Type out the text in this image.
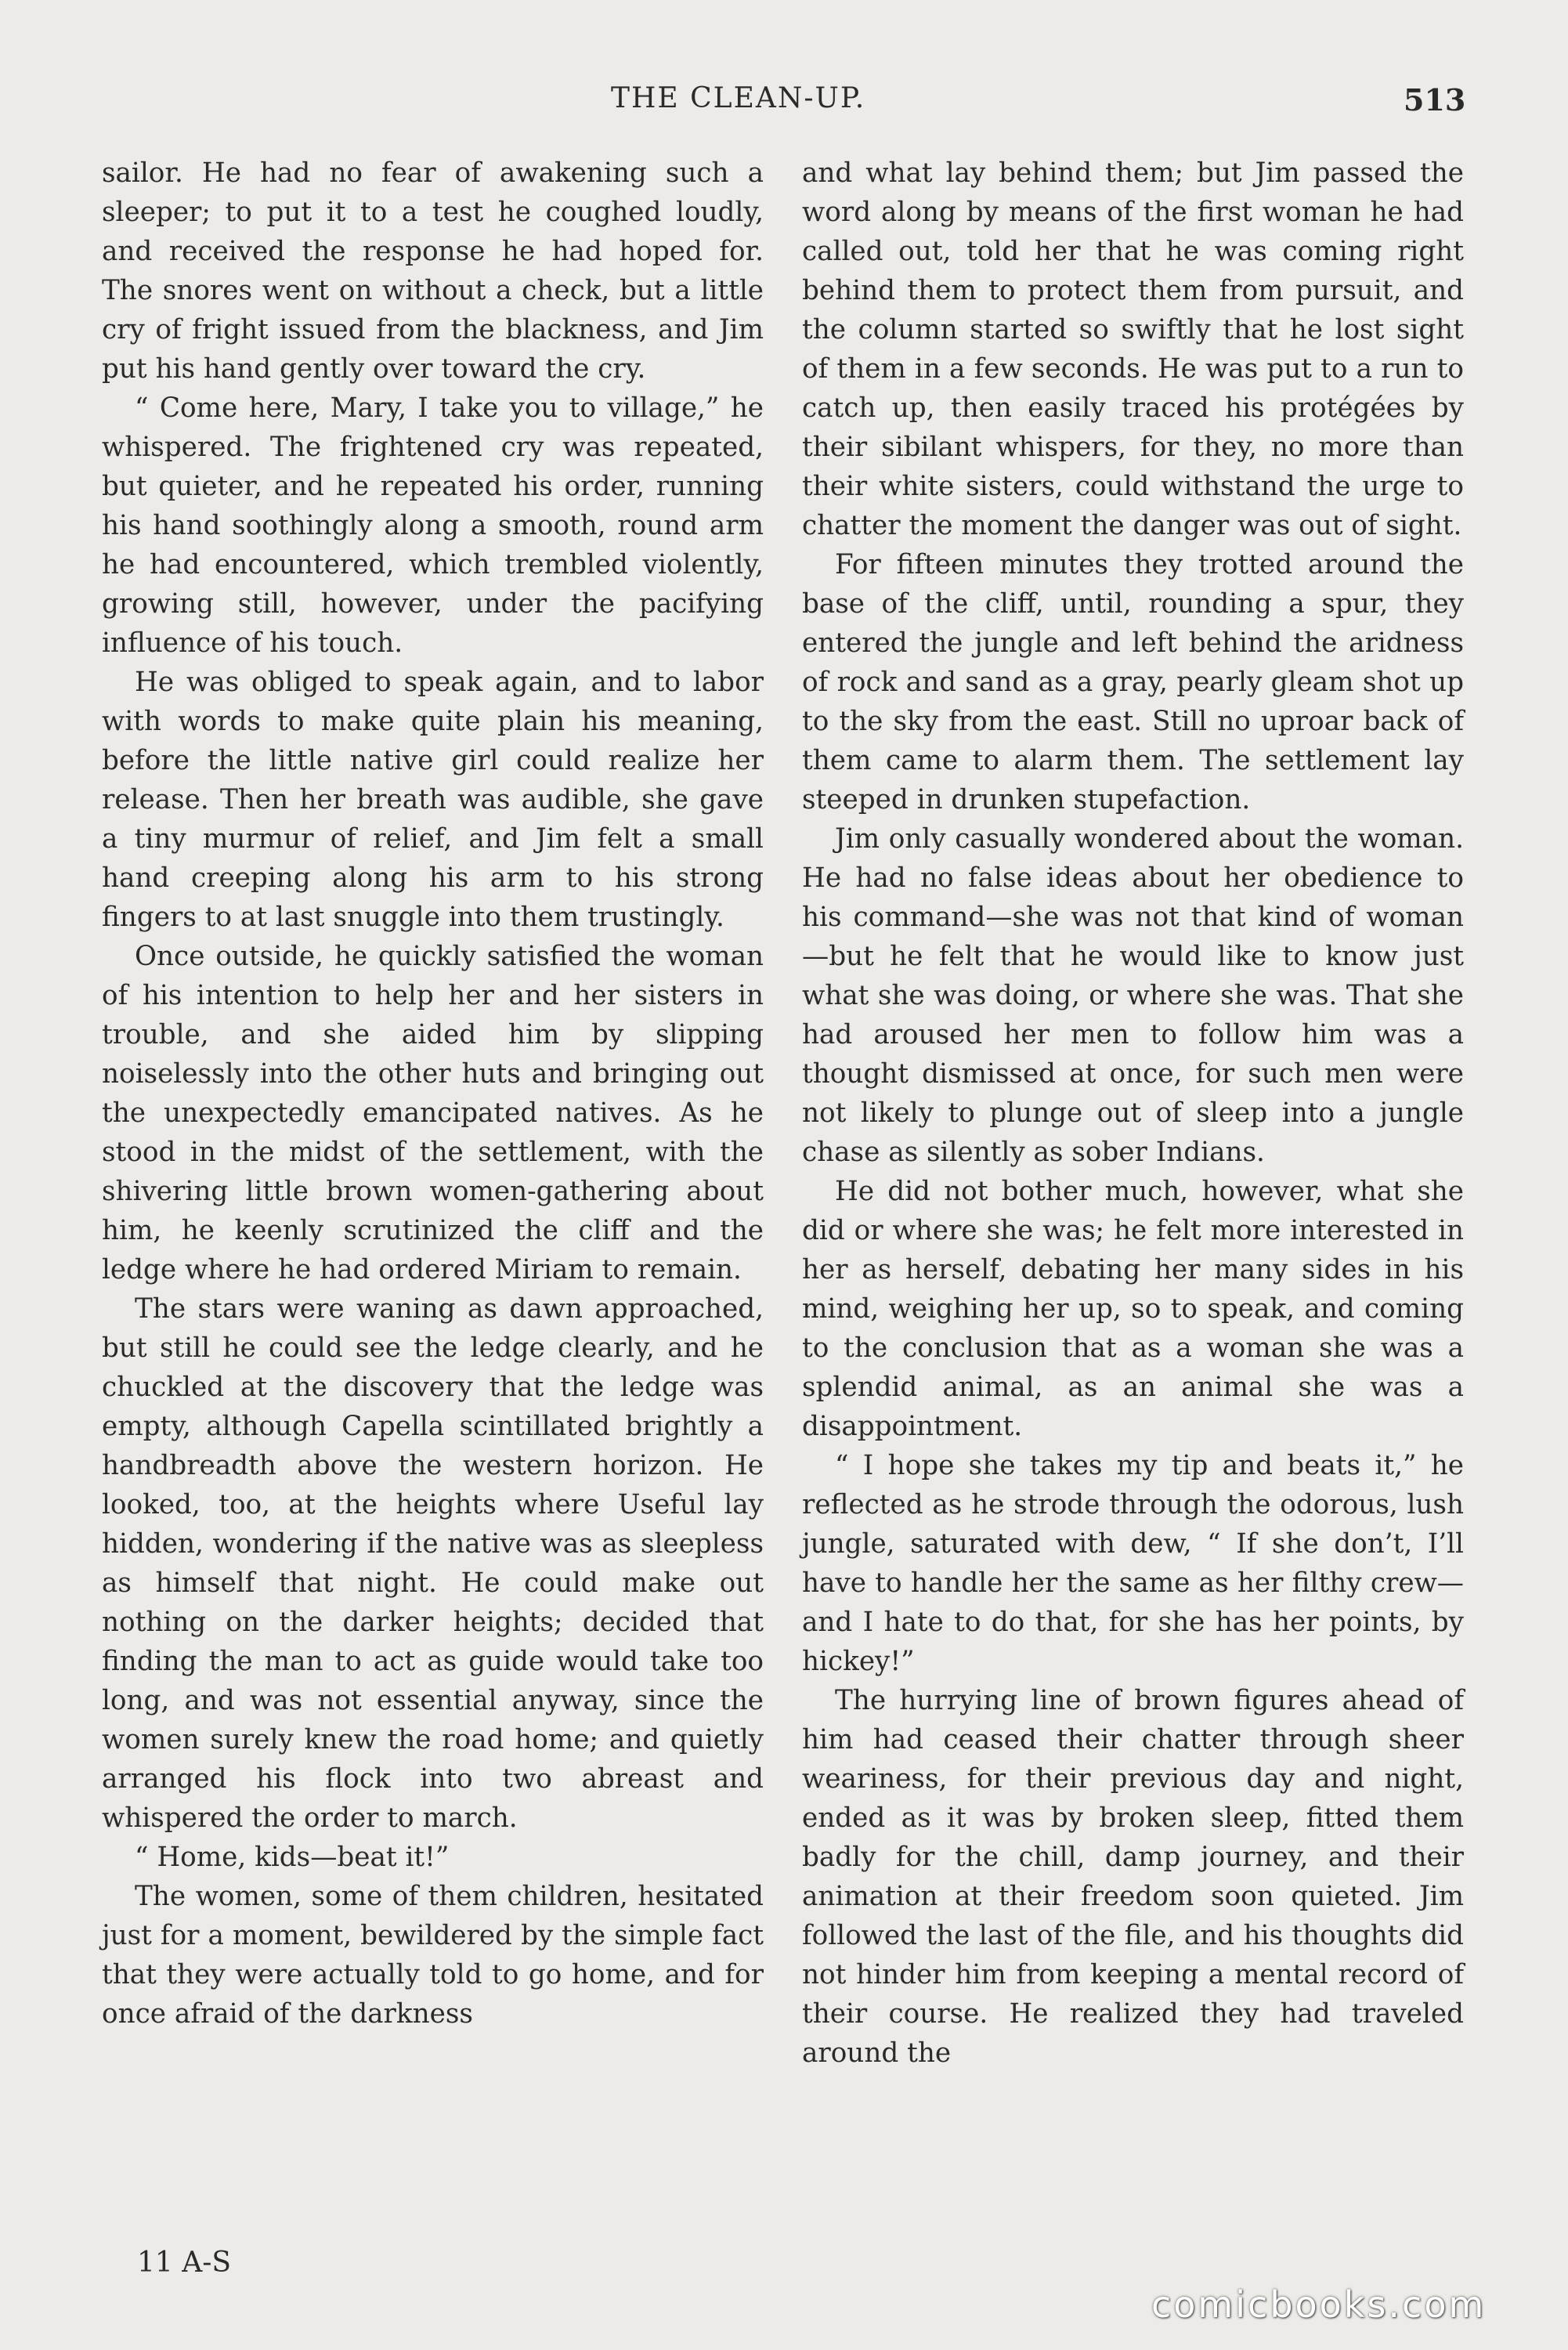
THE CLEAN-UP.	513

sailor. He had no fear of awakening such a sleeper; to put it to a test he coughed loudly, and received the response he had hoped for. The snores went on without a check, but a little cry of fright issued from the blackness, and Jim put his hand gently over toward the cry.

“ Come here, Mary, I take you to village,” he whispered. The frightened cry was repeated, but quieter, and he repeated his order, running his hand soothingly along a smooth, round arm he had encountered, which trembled violently, growing still, however, under the pacifying influence of his touch.

He was obliged to speak again, and to labor with words to make quite plain his meaning, before the little native girl could realize her release. Then her breath was audible, she gave a tiny murmur of relief, and Jim felt a small hand creeping along his arm to his strong fingers to at last snuggle into them trustingly.

Once outside, he quickly satisfied the woman of his intention to help her and her sisters in trouble, and she aided him by slipping noiselessly into the other huts and bringing out the unexpectedly emancipated natives. As he stood in the midst of the settlement, with the shivering little brown women-gathering about him, he keenly scrutinized the cliff and the ledge where he had ordered Miriam to remain.

The stars were waning as dawn approached, but still he could see the ledge clearly, and he chuckled at the discovery that the ledge was empty, although Capella scintillated brightly a handbreadth above the western horizon. He looked, too, at the heights where Useful lay hidden, wondering if the native was as sleepless as himself that night. He could make out nothing on the darker heights; decided that finding the man to act as guide would take too long, and was not essential anyway, since the women surely knew the road home; and quietly arranged his flock into two abreast and whispered the order to march.

“ Home, kids—beat it!”

The women, some of them children, hesitated just for a moment, bewildered by the simple fact that they were actually told to go home, and for once afraid of the darkness

and what lay behind them; but Jim passed the word along by means of the first woman he had called out, told her that he was coming right behind them to protect them from pursuit, and the column started so swiftly that he lost sight of them in a few seconds. He was put to a run to catch up, then easily traced his protégées by their sibilant whispers, for they, no more than their white sisters, could withstand the urge to chatter the moment the danger was out of sight.

For fifteen minutes they trotted around the base of the cliff, until, rounding a spur, they entered the jungle and left behind the aridness of rock and sand as a gray, pearly gleam shot up to the sky from the east. Still no uproar back of them came to alarm them. The settlement lay steeped in drunken stupefaction.

Jim only casually wondered about the woman. He had no false ideas about her obedience to his command—she was not that kind of woman—but he felt that he would like to know just what she was doing, or where she was. That she had aroused her men to follow him was a thought dismissed at once, for such men were not likely to plunge out of sleep into a jungle chase as silently as sober Indians.

He did not bother much, however, what she did or where she was; he felt more interested in her as herself, debating her many sides in his mind, weighing her up, so to speak, and coming to the conclusion that as a woman she was a splendid animal, as an animal she was a disappointment.

“ I hope she takes my tip and beats it,” he reflected as he strode through the odorous, lush jungle, saturated with dew, “ If she don’t, I’ll have to handle her the same as her filthy crew—and I hate to do that, for she has her points, by hickey!”

The hurrying line of brown figures ahead of him had ceased their chatter through sheer weariness, for their previous day and night, ended as it was by broken sleep, fitted them badly for the chill, damp journey, and their animation at their freedom soon quieted. Jim followed the last of the file, and his thoughts did not hinder him from keeping a mental record of their course. He realized they had traveled around the

11 A-S
comicbooks.com
